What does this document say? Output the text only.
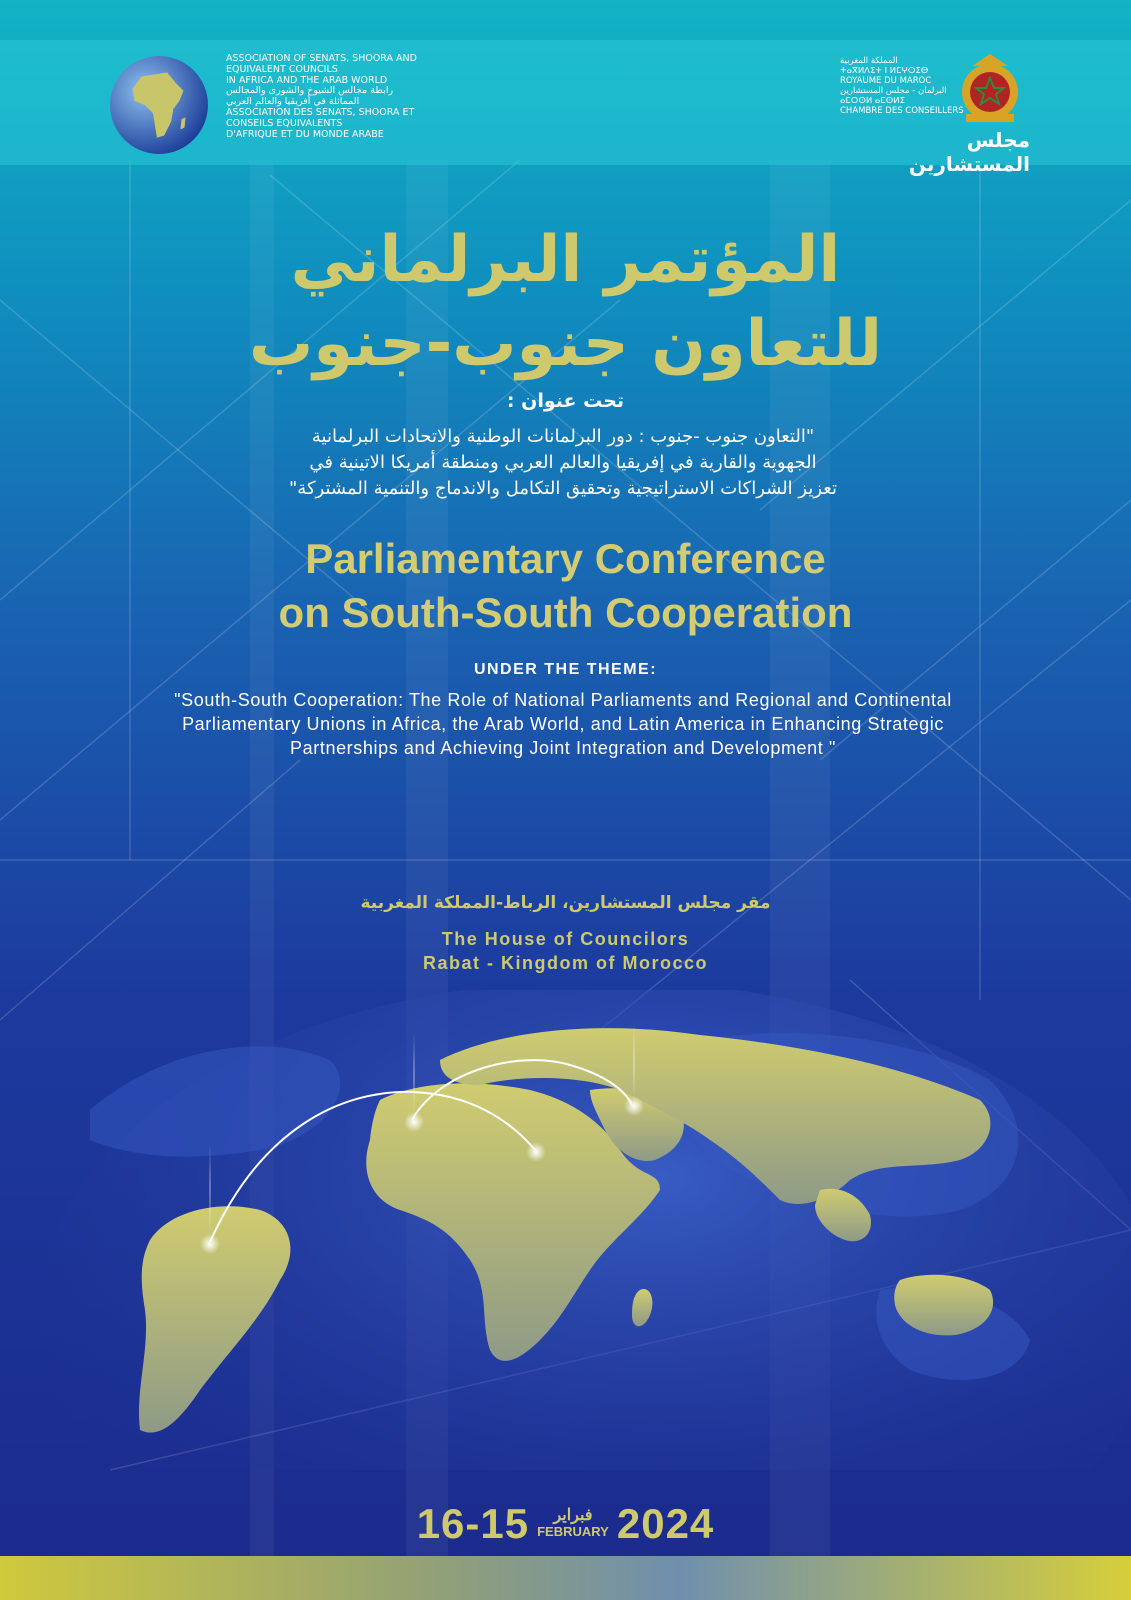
ASSOCIATION OF SENATS, SHOORA AND
EQUIVALENT COUNCILS
IN AFRICA AND THE ARAB WORLD
رابطة مجالس الشيوخ والشورى والمجالس
المماثلة في أفريقيا والعالم العربي
ASSOCIATION DES SENATS, SHOORA ET
CONSEILS EQUIVALENTS
D'AFRIQUE ET DU MONDE ARABE
المملكة المغربية
ⵜⴰⴳⵍⴷⵉⵜ ⵏ ⵍⵎⵖⵔⵉⴱ
ROYAUME DU MAROC
البرلمان - مجلس المستشارين
ⴰⵎⵔⵙⵍ ⴰⵎⵙⵍⵉ
CHAMBRE DES CONSEILLERS
مجلس المستشارين
المؤتمر البرلماني
للتعاون جنوب-جنوب
تحت عنوان :
"التعاون جنوب -جنوب : دور البرلمانات الوطنية والاتحادات البرلمانية
الجهوية والقارية في إفريقيا والعالم العربي ومنطقة أمريكا الاتينية في
تعزيز الشراكات الاستراتيجية وتحقيق التكامل والاندماج والتنمية المشتركة"
Parliamentary Conference
on South-South Cooperation
UNDER THE THEME:
"South-South Cooperation: The Role of National Parliaments and Regional and Continental Parliamentary Unions in Africa, the Arab World, and Latin America in Enhancing Strategic Partnerships and Achieving Joint Integration and Development "
مقر مجلس المستشارين، الرباط-المملكة المغربية
The House of Councilors
Rabat - Kingdom of Morocco
16-15 فبراير
FEBRUARY 2024
